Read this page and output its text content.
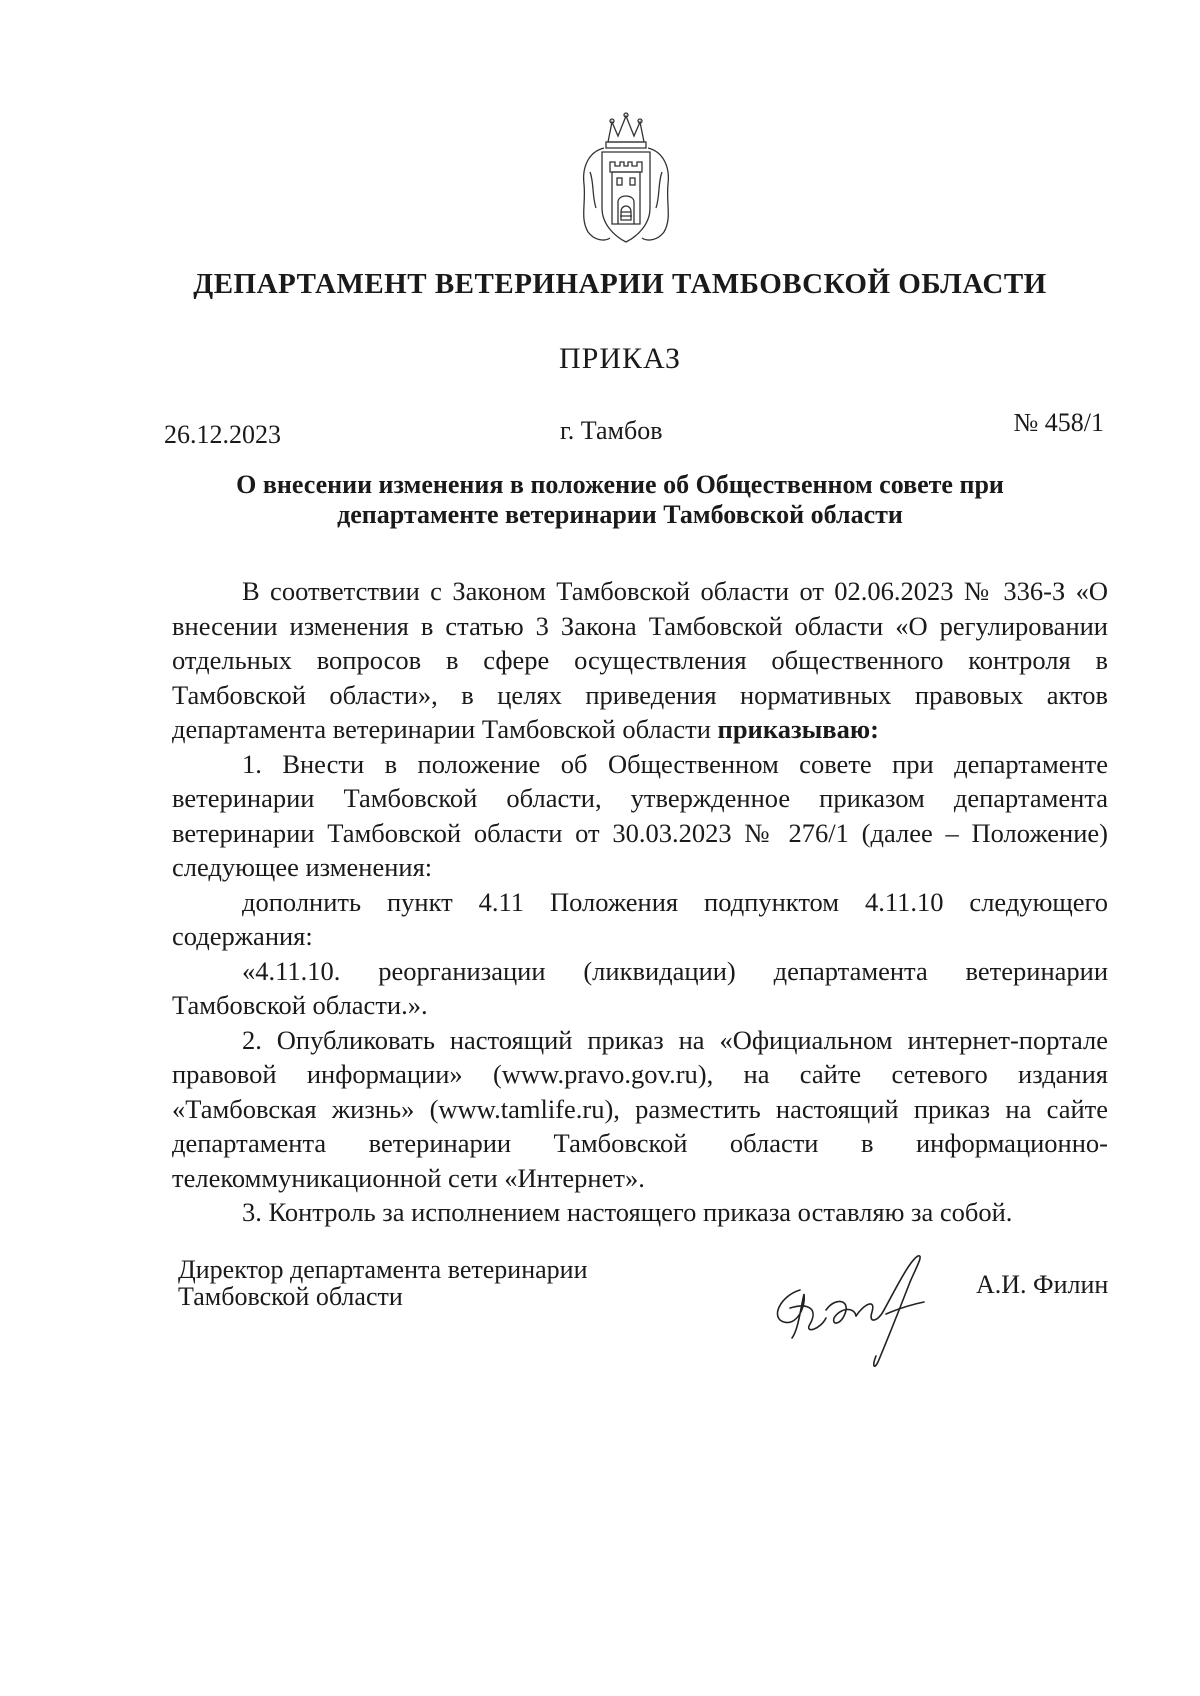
ДЕПАРТАМЕНТ ВЕТЕРИНАРИИ ТАМБОВСКОЙ ОБЛАСТИ
ПРИКАЗ
26.12.2023	г. Тамбов	№ 458/1
О внесении изменения в положение об Общественном совете при
департаменте ветеринарии Тамбовской области

В соответствии с Законом Тамбовской области от 02.06.2023 № 336-З «О внесении изменения в статью 3 Закона Тамбовской области «О регулировании отдельных вопросов в сфере осуществления общественного контроля в Тамбовской области», в целях приведения нормативных правовых актов департамента ветеринарии Тамбовской области приказываю:

1. Внести в положение об Общественном совете при департаменте ветеринарии Тамбовской области, утвержденное приказом департамента ветеринарии Тамбовской области от 30.03.2023 № 276/1 (далее – Положение) следующее изменения:

дополнить пункт 4.11 Положения подпунктом 4.11.10 следующего содержания:

«4.11.10. реорганизации (ликвидации) департамента ветеринарии Тамбовской области.».

2. Опубликовать настоящий приказ на «Официальном интернет-портале правовой информации» (www.pravo.gov.ru), на сайте сетевого издания «Тамбовская жизнь» (www.tamlife.ru), разместить настоящий приказ на сайте департамента ветеринарии Тамбовской области в информационно-телекоммуникационной сети «Интернет».

3. Контроль за исполнением настоящего приказа оставляю за собой.

Директор департамента ветеринарии
Тамбовской области	А.И. Филин
